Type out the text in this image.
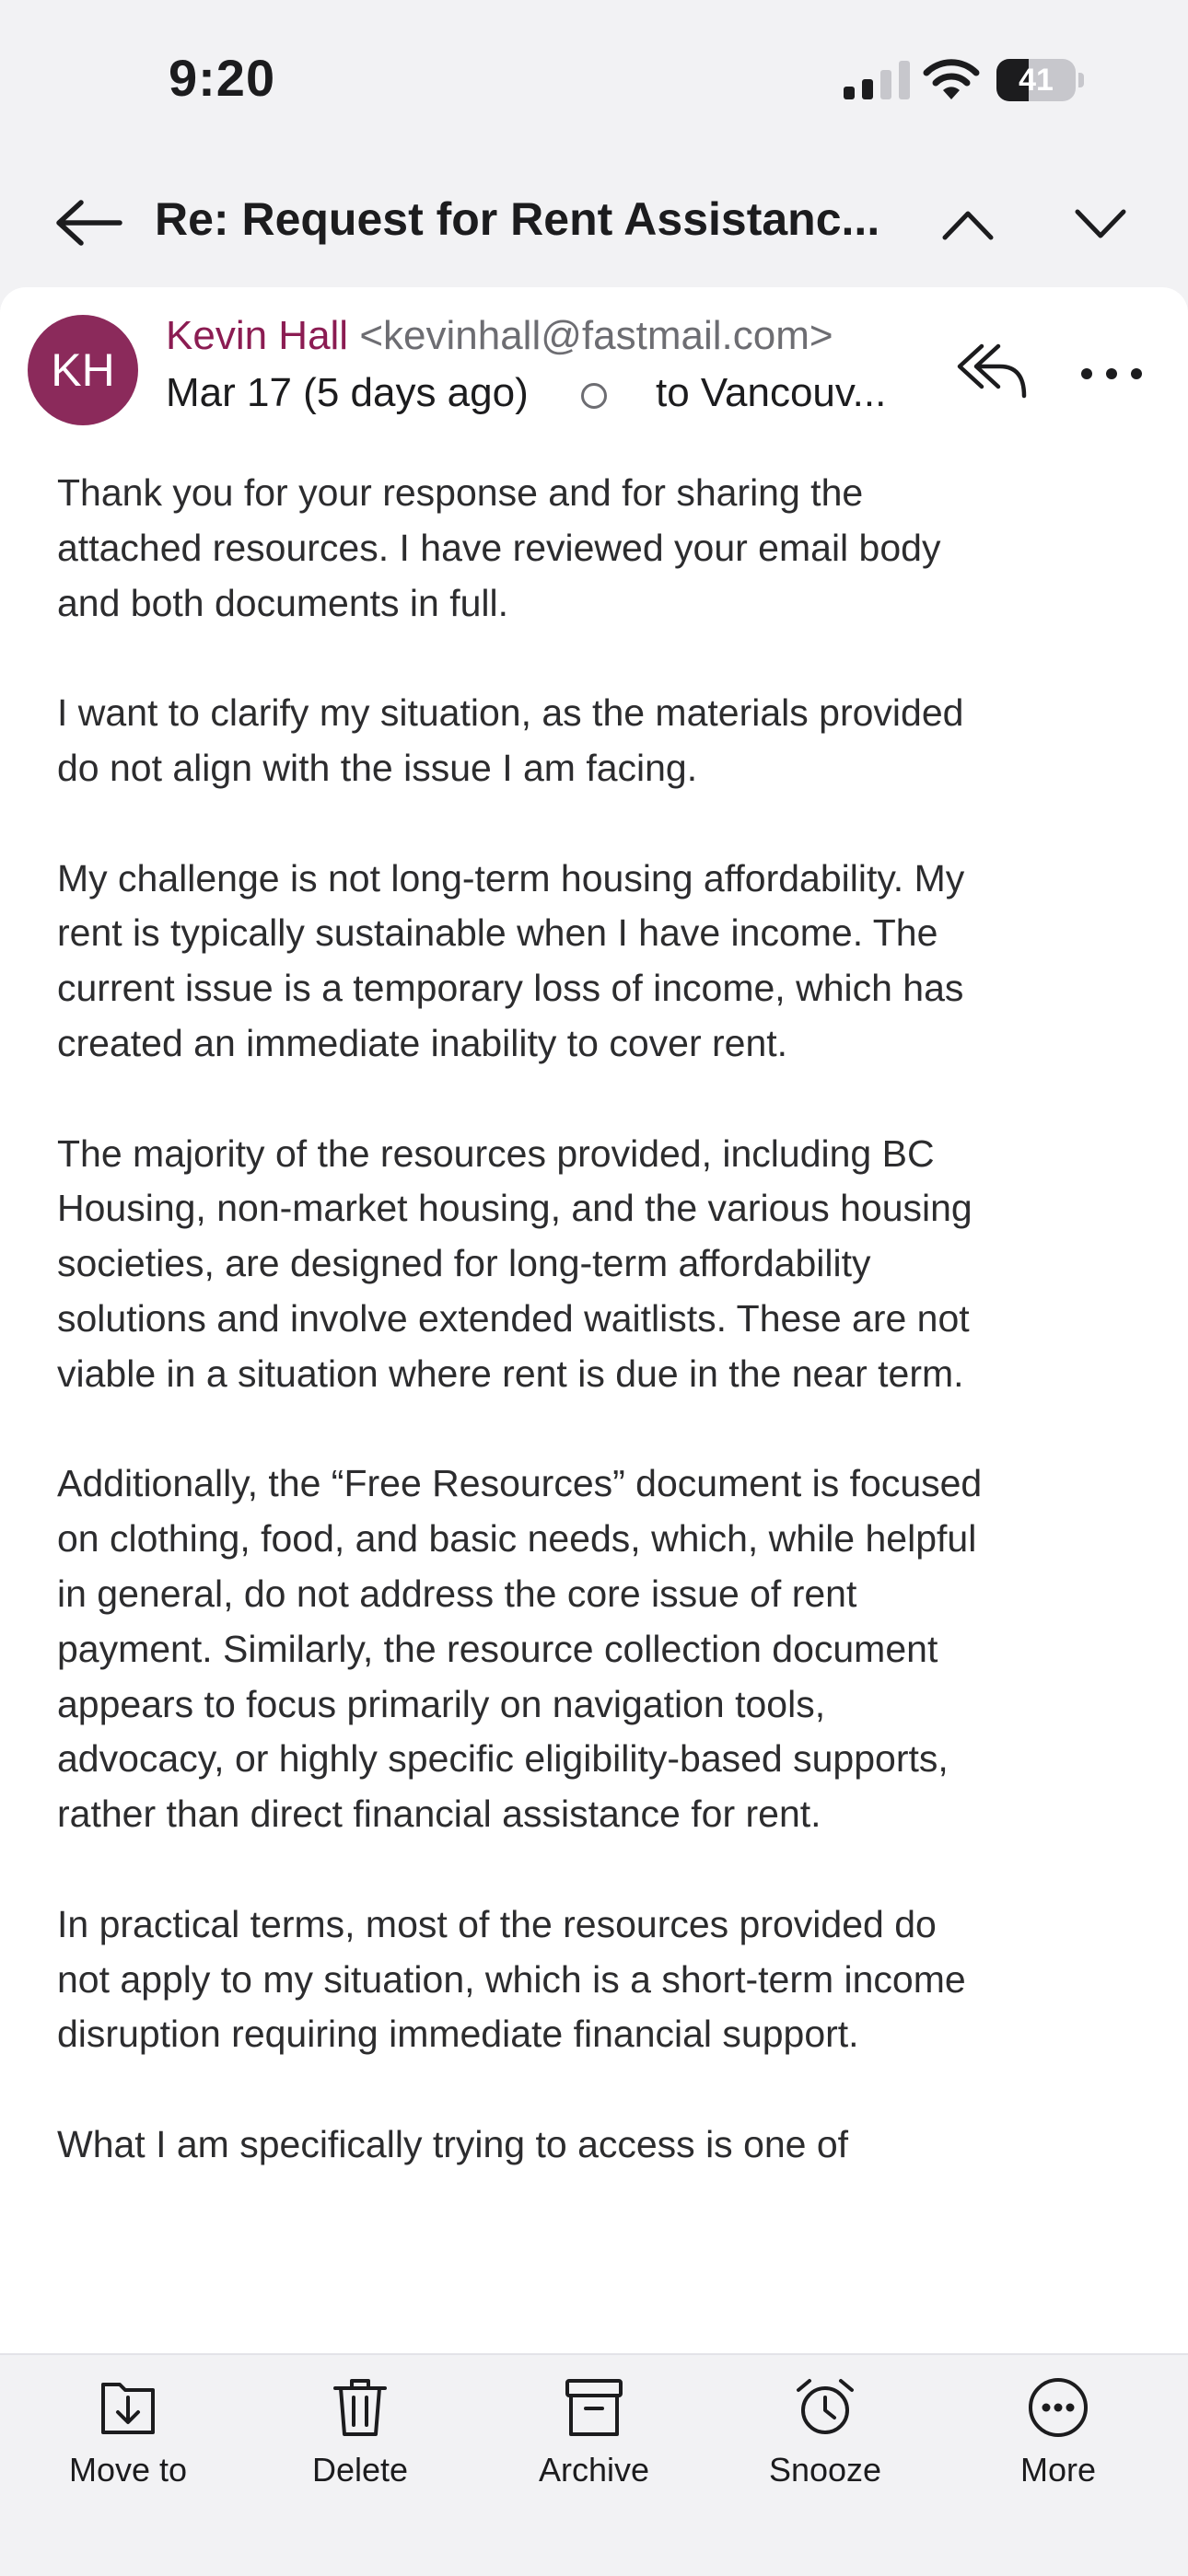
9:20	41
Re: Request for Rent Assistanc...
KH
Kevin Hall <kevinhall@fastmail.com>
Mar 17 (5 days ago)	to Vancouv...

Thank you for your response and for sharing the attached resources. I have reviewed your email body and both documents in full.

I want to clarify my situation, as the materials provided do not align with the issue I am facing.

My challenge is not long-term housing affordability. My rent is typically sustainable when I have income. The current issue is a temporary loss of income, which has created an immediate inability to cover rent.

The majority of the resources provided, including BC Housing, non-market housing, and the various housing societies, are designed for long-term affordability solutions and involve extended waitlists. These are not viable in a situation where rent is due in the near term.

Additionally, the “Free Resources” document is focused on clothing, food, and basic needs, which, while helpful in general, do not address the core issue of rent payment. Similarly, the resource collection document appears to focus primarily on navigation tools, advocacy, or highly specific eligibility-based supports, rather than direct financial assistance for rent.

In practical terms, most of the resources provided do not apply to my situation, which is a short-term income disruption requiring immediate financial support.

What I am specifically trying to access is one of

Move to	Delete	Archive	Snooze	More
